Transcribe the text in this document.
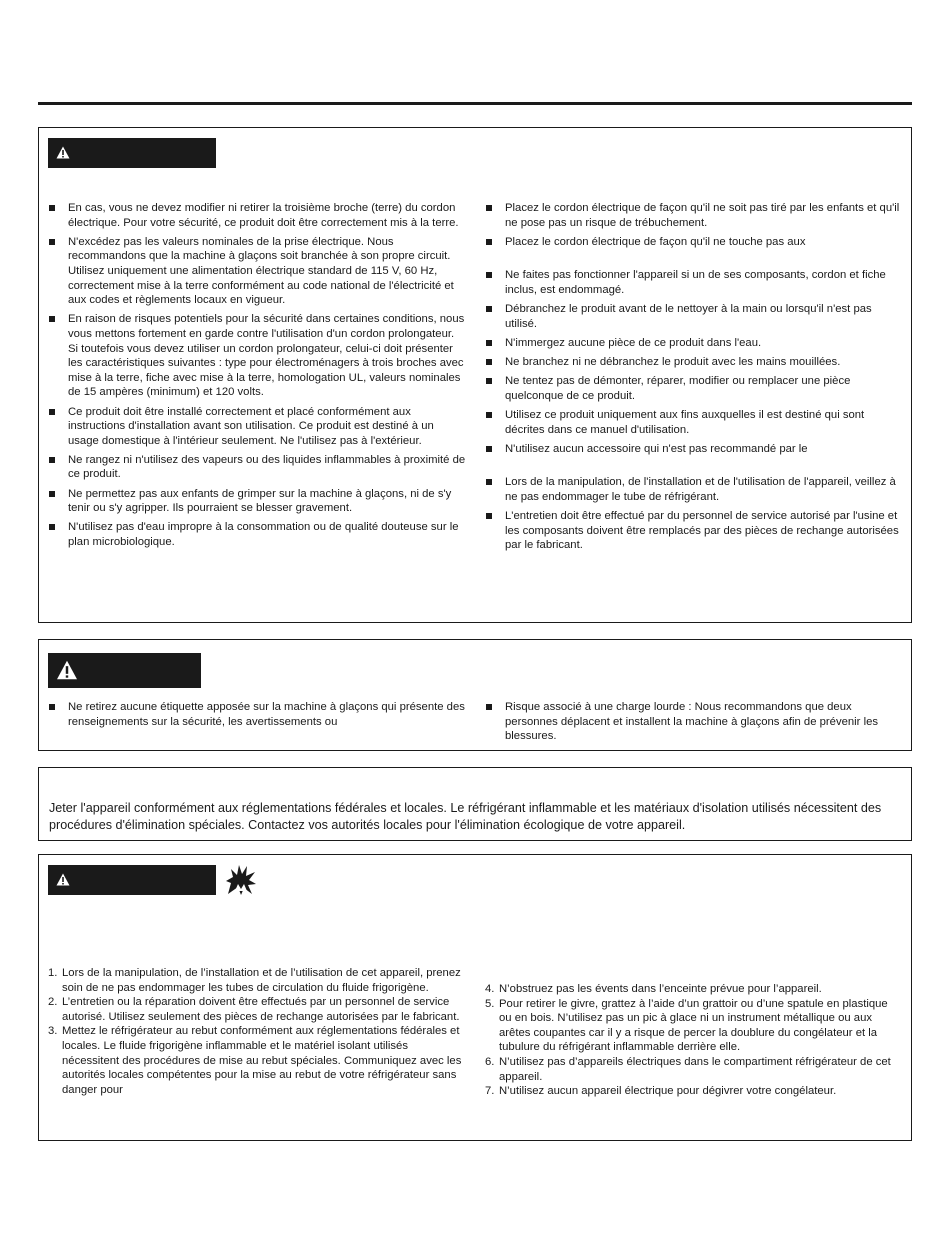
En cas, vous ne devez modifier ni retirer la troisième broche (terre) du cordon électrique. Pour votre sécurité, ce produit doit être correctement mis à la terre.
N'excédez pas les valeurs nominales de la prise électrique. Nous recommandons que la machine à glaçons soit branchée à son propre circuit. Utilisez uniquement une alimentation électrique standard de 115 V, 60 Hz, correctement mise à la terre conformément au code national de l'électricité et aux codes et règlements locaux en vigueur.
En raison de risques potentiels pour la sécurité dans certaines conditions, nous vous mettons fortement en garde contre l'utilisation d'un cordon prolongateur. Si toutefois vous devez utiliser un cordon prolongateur, celui-ci doit présenter les caractéristiques suivantes : type pour électroménagers à trois broches avec mise à la terre, fiche avec mise à la terre, homologation UL, valeurs nominales de 15 ampères (minimum) et 120 volts.
Ce produit doit être installé correctement et placé conformément aux instructions d'installation avant son utilisation. Ce produit est destiné à un usage domestique à l'intérieur seulement. Ne l'utilisez pas à l'extérieur.
Ne rangez ni n'utilisez des vapeurs ou des liquides inflammables à proximité de ce produit.
Ne permettez pas aux enfants de grimper sur la machine à glaçons, ni de s'y tenir ou s'y agripper. Ils pourraient se blesser gravement.
N'utilisez pas d'eau impropre à la consommation ou de qualité douteuse sur le plan microbiologique.
Placez le cordon électrique de façon qu'il ne soit pas tiré par les enfants et qu'il ne pose pas un risque de trébuchement.
Placez le cordon électrique de façon qu'il ne touche pas aux
Ne faites pas fonctionner l'appareil si un de ses composants, cordon et fiche inclus, est endommagé.
Débranchez le produit avant de le nettoyer à la main ou lorsqu'il n'est pas utilisé.
N'immergez aucune pièce de ce produit dans l'eau.
Ne branchez ni ne débranchez le produit avec les mains mouillées.
Ne tentez pas de démonter, réparer, modifier ou remplacer une pièce quelconque de ce produit.
Utilisez ce produit uniquement aux fins auxquelles il est destiné qui sont décrites dans ce manuel d'utilisation.
N'utilisez aucun accessoire qui n'est pas recommandé par le
Lors de la manipulation, de l'installation et de l'utilisation de l'appareil, veillez à ne pas endommager le tube de réfrigérant.
L'entretien doit être effectué par du personnel de service autorisé par l'usine et les composants doivent être remplacés par des pièces de rechange autorisées par le fabricant.
Ne retirez aucune étiquette apposée sur la machine à glaçons qui présente des renseignements sur la sécurité, les avertissements ou
Risque associé à une charge lourde : Nous recommandons que deux personnes déplacent et installent la machine à glaçons afin de prévenir les blessures.

Jeter l'appareil conformément aux réglementations fédérales et locales. Le réfrigérant inflammable et les matériaux d'isolation utilisés nécessitent des procédures d'élimination spéciales. Contactez vos autorités locales pour l'élimination écologique de votre appareil.

1. Lors de la manipulation, de l’installation et de l’utilisation de cet appareil, prenez soin de ne pas endommager les tubes de circulation du fluide frigorigène.
2. L’entretien ou la réparation doivent être effectués par un personnel de service autorisé. Utilisez seulement des pièces de rechange autorisées par le fabricant.
3. Mettez le réfrigérateur au rebut conformément aux réglementations fédérales et locales. Le fluide frigorigène inflammable et le matériel isolant utilisés nécessitent des procédures de mise au rebut spéciales. Communiquez avec les autorités locales compétentes pour la mise au rebut de votre réfrigérateur sans danger pour
4. N’obstruez pas les évents dans l’enceinte prévue pour l’appareil.
5. Pour retirer le givre, grattez à l’aide d’un grattoir ou d’une spatule en plastique ou en bois. N’utilisez pas un pic à glace ni un instrument métallique ou aux arêtes coupantes car il y a risque de percer la doublure du congélateur et la tubulure du réfrigérant inflammable derrière elle.
6. N’utilisez pas d’appareils électriques dans le compartiment réfrigérateur de cet appareil.
7. N’utilisez aucun appareil électrique pour dégivrer votre congélateur.
